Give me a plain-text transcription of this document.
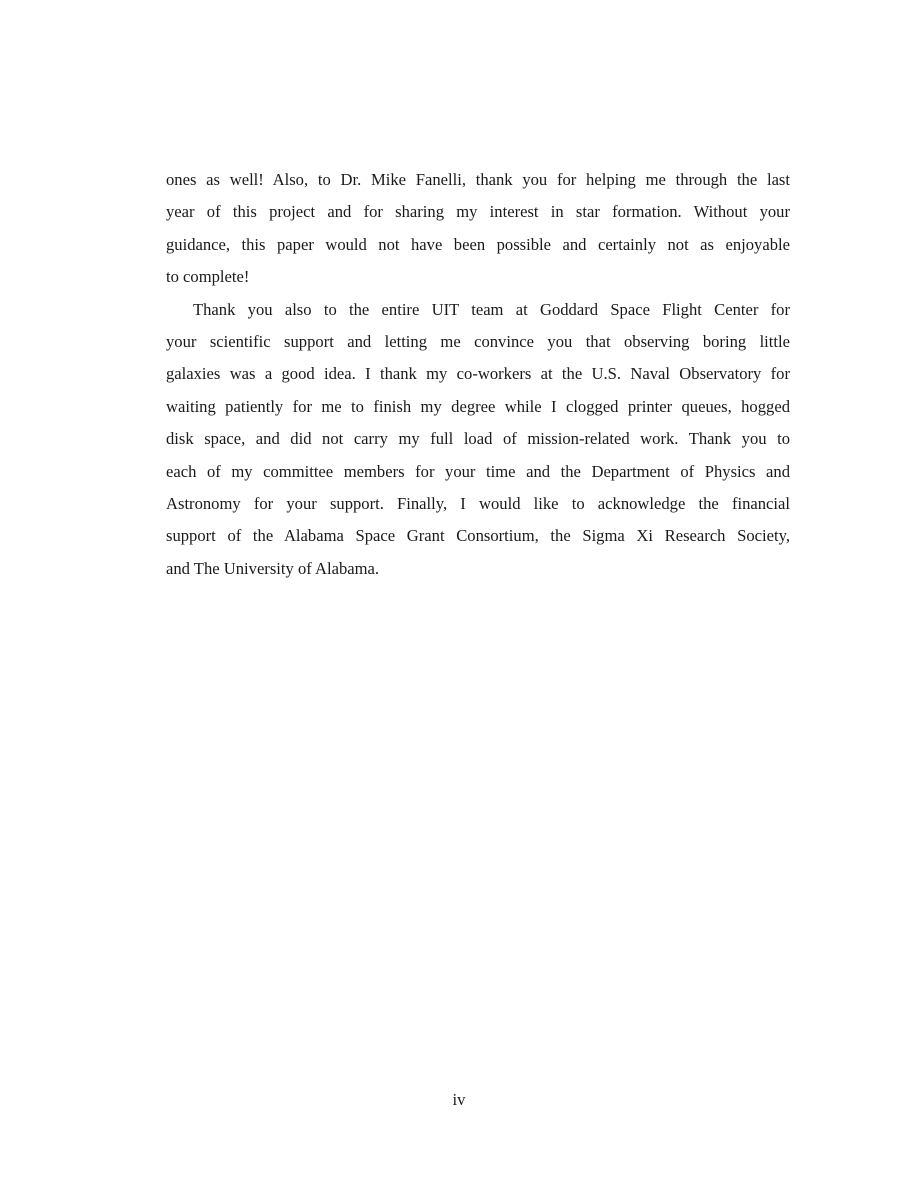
ones as well! Also, to Dr. Mike Fanelli, thank you for helping me through the last
year of this project and for sharing my interest in star formation. Without your
guidance, this paper would not have been possible and certainly not as enjoyable
to complete!
Thank you also to the entire UIT team at Goddard Space Flight Center for
your scientific support and letting me convince you that observing boring little
galaxies was a good idea. I thank my co-workers at the U.S. Naval Observatory for
waiting patiently for me to finish my degree while I clogged printer queues, hogged
disk space, and did not carry my full load of mission-related work. Thank you to
each of my committee members for your time and the Department of Physics and
Astronomy for your support. Finally, I would like to acknowledge the financial
support of the Alabama Space Grant Consortium, the Sigma Xi Research Society,
and The University of Alabama.
iv
